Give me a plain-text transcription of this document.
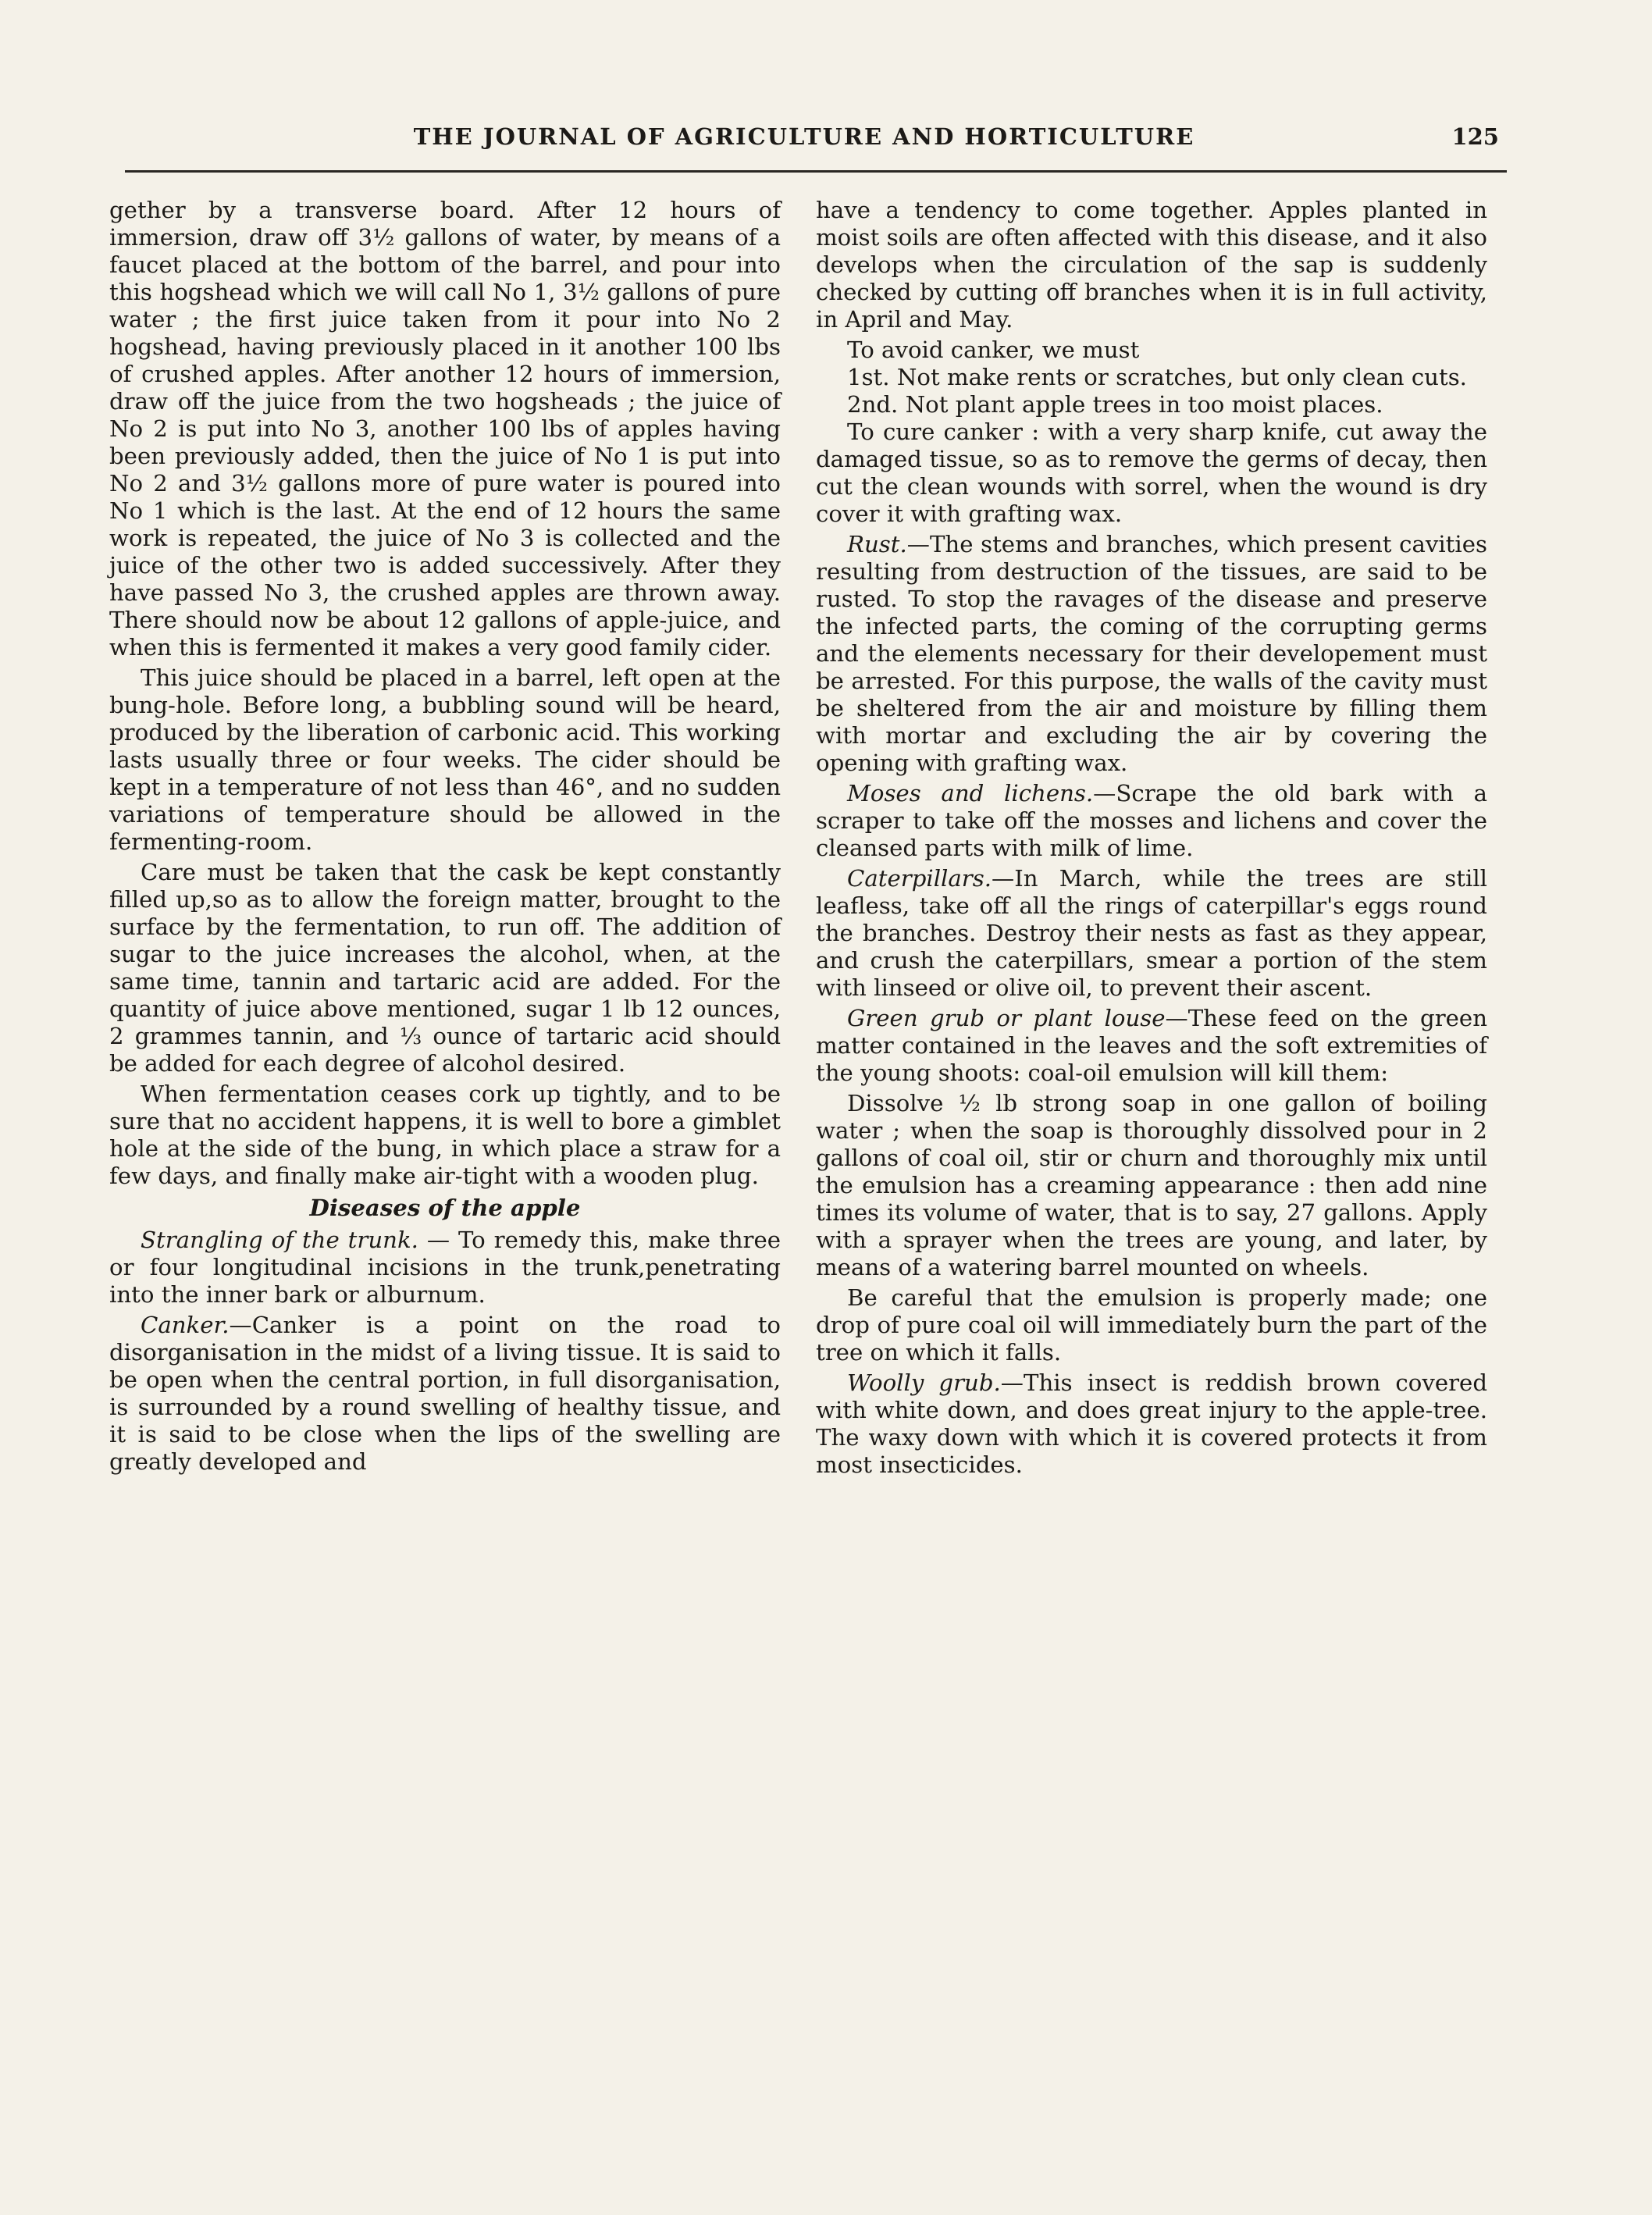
THE JOURNAL OF AGRICULTURE AND HORTICULTURE	125

gether by a transverse board. After 12 hours of immersion, draw off 3½ gallons of water, by means of a faucet placed at the bottom of the barrel, and pour into this hogshead which we will call No 1, 3½ gallons of pure water ; the first juice taken from it pour into No 2 hogshead, having previously placed in it another 100 lbs of crushed apples. After another 12 hours of immersion, draw off the juice from the two hogsheads ; the juice of No 2 is put into No 3, another 100 lbs of apples having been previously added, then the juice of No 1 is put into No 2 and 3½ gallons more of pure water is poured into No 1 which is the last. At the end of 12 hours the same work is repeated, the juice of No 3 is collected and the juice of the other two is added successively. After they have passed No 3, the crushed apples are thrown away. There should now be about 12 gallons of apple-juice, and when this is fermented it makes a very good family cider.

This juice should be placed in a barrel, left open at the bung-hole. Before long, a bubbling sound will be heard, produced by the liberation of carbonic acid. This working lasts usually three or four weeks. The cider should be kept in a temperature of not less than 46°, and no sudden variations of temperature should be allowed in the fermenting-room.

Care must be taken that the cask be kept constantly filled up,so as to allow the foreign matter, brought to the surface by the fermentation, to run off. The addition of sugar to the juice increases the alcohol, when, at the same time, tannin and tartaric acid are added. For the quantity of juice above mentioned, sugar 1 lb 12 ounces, 2 grammes tannin, and ⅓ ounce of tartaric acid should be added for each degree of alcohol desired.

When fermentation ceases cork up tightly, and to be sure that no accident happens, it is well to bore a gimblet hole at the side of the bung, in which place a straw for a few days, and finally make air-tight with a wooden plug.

Diseases of the apple

Strangling of the trunk. — To remedy this, make three or four longitudinal incisions in the trunk,penetrating into the inner bark or alburnum.

Canker.—Canker is a point on the road to disorganisation in the midst of a living tissue. It is said to be open when the central portion, in full disorganisation, is surrounded by a round swelling of healthy tissue, and it is said to be close when the lips of the swelling are greatly developed and

have a tendency to come together. Apples planted in moist soils are often affected with this disease, and it also develops when the circulation of the sap is suddenly checked by cutting off branches when it is in full activity, in April and May.

To avoid canker, we must

1st. Not make rents or scratches, but only clean cuts.

2nd. Not plant apple trees in too moist places.

To cure canker : with a very sharp knife, cut away the damaged tissue, so as to remove the germs of decay, then cut the clean wounds with sorrel, when the wound is dry cover it with grafting wax.

Rust.—The stems and branches, which present cavities resulting from destruction of the tissues, are said to be rusted. To stop the ravages of the disease and preserve the infected parts, the coming of the corrupting germs and the elements necessary for their developement must be arrested. For this purpose, the walls of the cavity must be sheltered from the air and moisture by filling them with mortar and excluding the air by covering the opening with grafting wax.

Moses and lichens.—Scrape the old bark with a scraper to take off the mosses and lichens and cover the cleansed parts with milk of lime.

Caterpillars.—In March, while the trees are still leafless, take off all the rings of caterpillar's eggs round the branches. Destroy their nests as fast as they appear, and crush the caterpillars, smear a portion of the stem with linseed or olive oil, to prevent their ascent.

Green grub or plant louse—These feed on the green matter contained in the leaves and the soft extremities of the young shoots: coal-oil emulsion will kill them:

Dissolve ½ lb strong soap in one gallon of boiling water ; when the soap is thoroughly dissolved pour in 2 gallons of coal oil, stir or churn and thoroughly mix until the emulsion has a creaming appearance : then add nine times its volume of water, that is to say, 27 gallons. Apply with a sprayer when the trees are young, and later, by means of a watering barrel mounted on wheels.

Be careful that the emulsion is properly made; one drop of pure coal oil will immediately burn the part of the tree on which it falls.

Woolly grub.—This insect is reddish brown covered with white down, and does great injury to the apple-tree. The waxy down with which it is covered protects it from most insecticides.
